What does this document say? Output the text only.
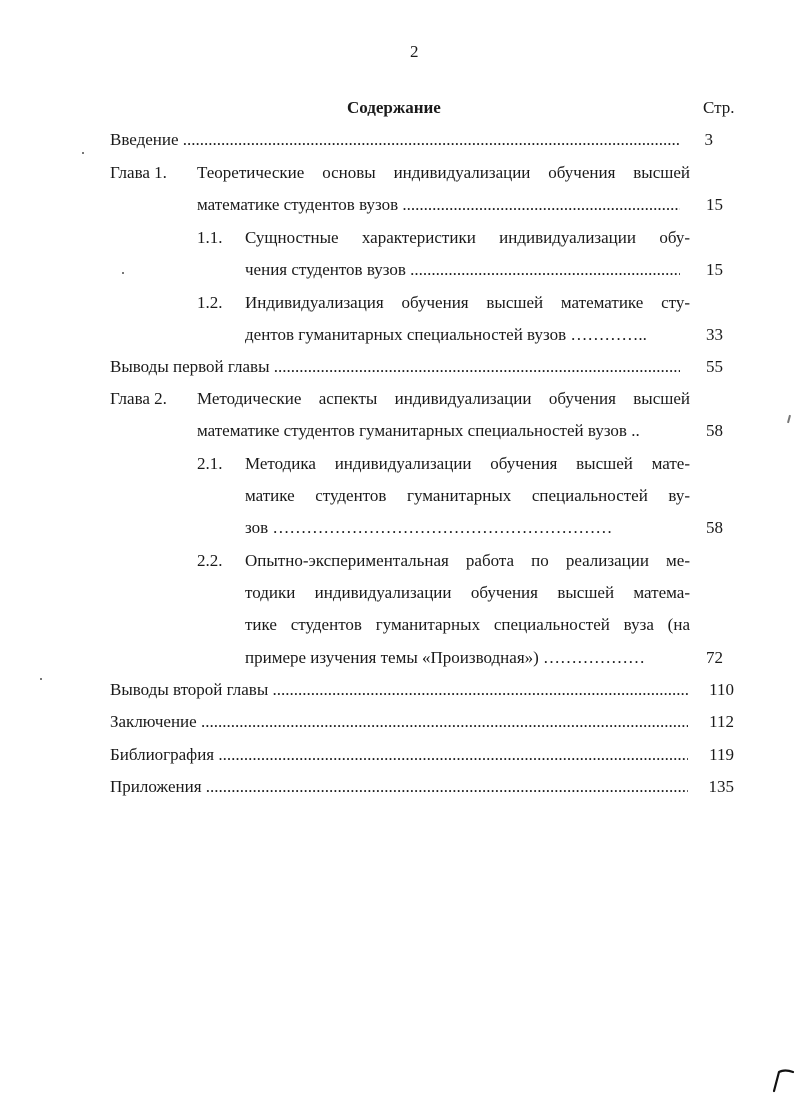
2
Содержание	Стр.
Введение .....	3
Глава 1. Теоретические основы индивидуализации обучения высшей
математике студентов вузов .....	15
1.1. Сущностные характеристики индивидуализации обу-
чения студентов вузов .....	15
1.2. Индивидуализация обучения высшей математике сту-
дентов гуманитарных специальностей вузов …………..	33
Выводы первой главы .....	55
Глава 2. Методические аспекты индивидуализации обучения высшей
математике студентов гуманитарных специальностей вузов ..	58
2.1. Методика индивидуализации обучения высшей мате-
матике студентов гуманитарных специальностей ву-
зов ……………………………………………………	58
2.2. Опытно-экспериментальная работа по реализации ме-
тодики индивидуализации обучения высшей матема-
тике студентов гуманитарных специальностей вуза (на
примере изучения темы «Производная») ………………	72
Выводы второй главы .....	110
Заключение .....	112
Библиография .....	119
Приложения .....	135
